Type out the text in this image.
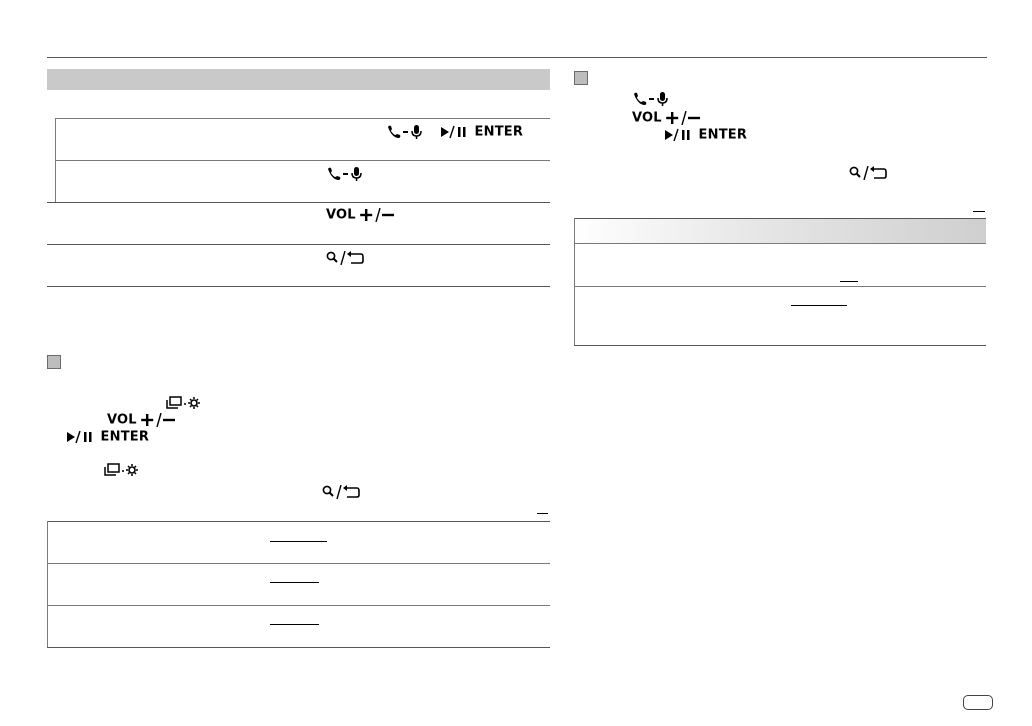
ENTER
VOL
VOL
ENTER
VOL
ENTER
